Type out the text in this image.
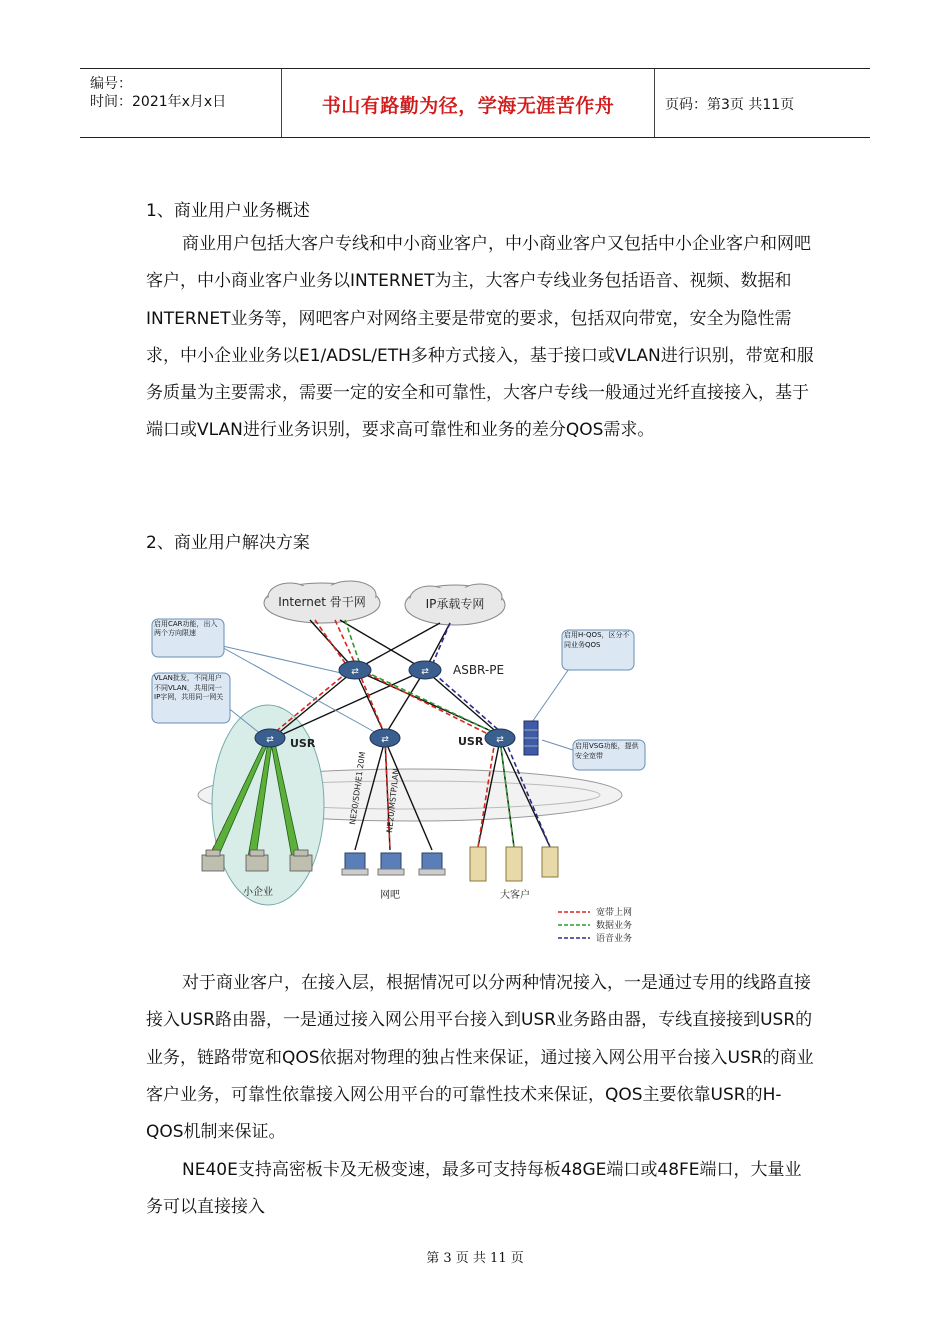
编号：
时间：2021年x月x日	书山有路勤为径，学海无涯苦作舟	页码：第3页 共11页
1、商业用户业务概述
商业用户包括大客户专线和中小商业客户，中小商业客户又包括中小企业客户和网吧客户，中小商业客户业务以INTERNET为主，大客户专线业务包括语音、视频、数据和INTERNET业务等，网吧客户对网络主要是带宽的要求，包括双向带宽，安全为隐性需求，中小企业业务以E1/ADSL/ETH多种方式接入，基于接口或VLAN进行识别，带宽和服务质量为主要需求，需要一定的安全和可靠性，大客户专线一般通过光纤直接接入，基于端口或VLAN进行业务识别，要求高可靠性和业务的差分QOS需求。
2、商业用户解决方案
Internet 骨干网	IP承载专网
⇄	⇄ ASBR-PE
⇄ USR	⇄	⇄
USR
NE20/SDH/E1 20M NE20/MSTP/LAN
启用CAR功能，出入两个方向限速
VLAN批发，不同用户不同VLAN，共用同一IP字网，共用同一网关
启用H-QOS，区分不同业务QOS
启用VSG功能，提供安全宽带
小企业	网吧	大客户
宽带上网
数据业务
语音业务
对于商业客户，在接入层，根据情况可以分两种情况接入，一是通过专用的线路直接接入USR路由器，一是通过接入网公用平台接入到USR业务路由器，专线直接接到USR的业务，链路带宽和QOS依据对物理的独占性来保证，通过接入网公用平台接入USR的商业客户业务，可靠性依靠接入网公用平台的可靠性技术来保证，QOS主要依靠USR的H-QOS机制来保证。
NE40E支持高密板卡及无极变速，最多可支持每板48GE端口或48FE端口，大量业务可以直接接入
第 3 页 共 11 页
